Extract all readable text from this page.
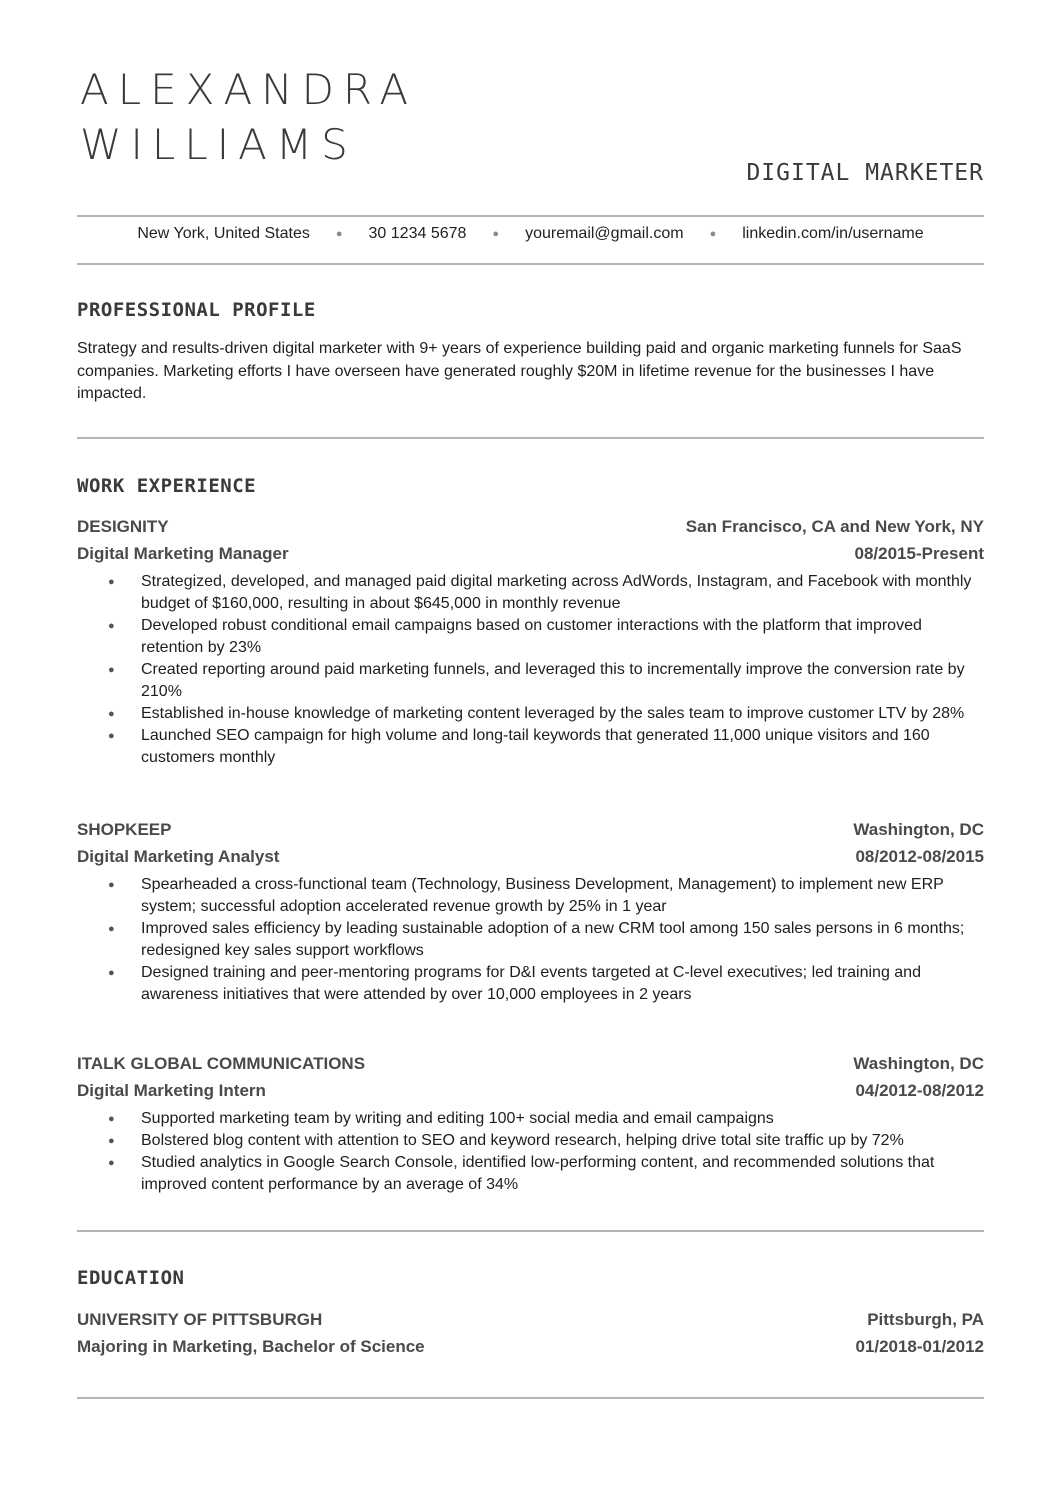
ALEXANDRA
WILLIAMS

DIGITAL MARKETER

New York, United States ● 30 1234 5678 ● youremail@gmail.com ● linkedin.com/in/username
PROFESSIONAL PROFILE

Strategy and results-driven digital marketer with 9+ years of experience building paid and organic marketing funnels for SaaS companies. Marketing efforts I have overseen have generated roughly $20M in lifetime revenue for the businesses I have impacted.

WORK EXPERIENCE
DESIGNITY	San Francisco, CA and New York, NY
Digital Marketing Manager	08/2015-Present
● Strategized, developed, and managed paid digital marketing across AdWords, Instagram, and Facebook with monthly budget of $160,000, resulting in about $645,000 in monthly revenue
● Developed robust conditional email campaigns based on customer interactions with the platform that improved retention by 23%
● Created reporting around paid marketing funnels, and leveraged this to incrementally improve the conversion rate by 210%
● Established in-house knowledge of marketing content leveraged by the sales team to improve customer LTV by 28%
● Launched SEO campaign for high volume and long-tail keywords that generated 11,000 unique visitors and 160 customers monthly
SHOPKEEP	Washington, DC
Digital Marketing Analyst	08/2012-08/2015
● Spearheaded a cross-functional team (Technology, Business Development, Management) to implement new ERP system; successful adoption accelerated revenue growth by 25% in 1 year
● Improved sales efficiency by leading sustainable adoption of a new CRM tool among 150 sales persons in 6 months; redesigned key sales support workflows
● Designed training and peer-mentoring programs for D&I events targeted at C-level executives; led training and awareness initiatives that were attended by over 10,000 employees in 2 years
ITALK GLOBAL COMMUNICATIONS	Washington, DC
Digital Marketing Intern	04/2012-08/2012
● Supported marketing team by writing and editing 100+ social media and email campaigns
● Bolstered blog content with attention to SEO and keyword research, helping drive total site traffic up by 72%
● Studied analytics in Google Search Console, identified low-performing content, and recommended solutions that improved content performance by an average of 34%
EDUCATION
UNIVERSITY OF PITTSBURGH	Pittsburgh, PA
Majoring in Marketing, Bachelor of Science	01/2018-01/2012
